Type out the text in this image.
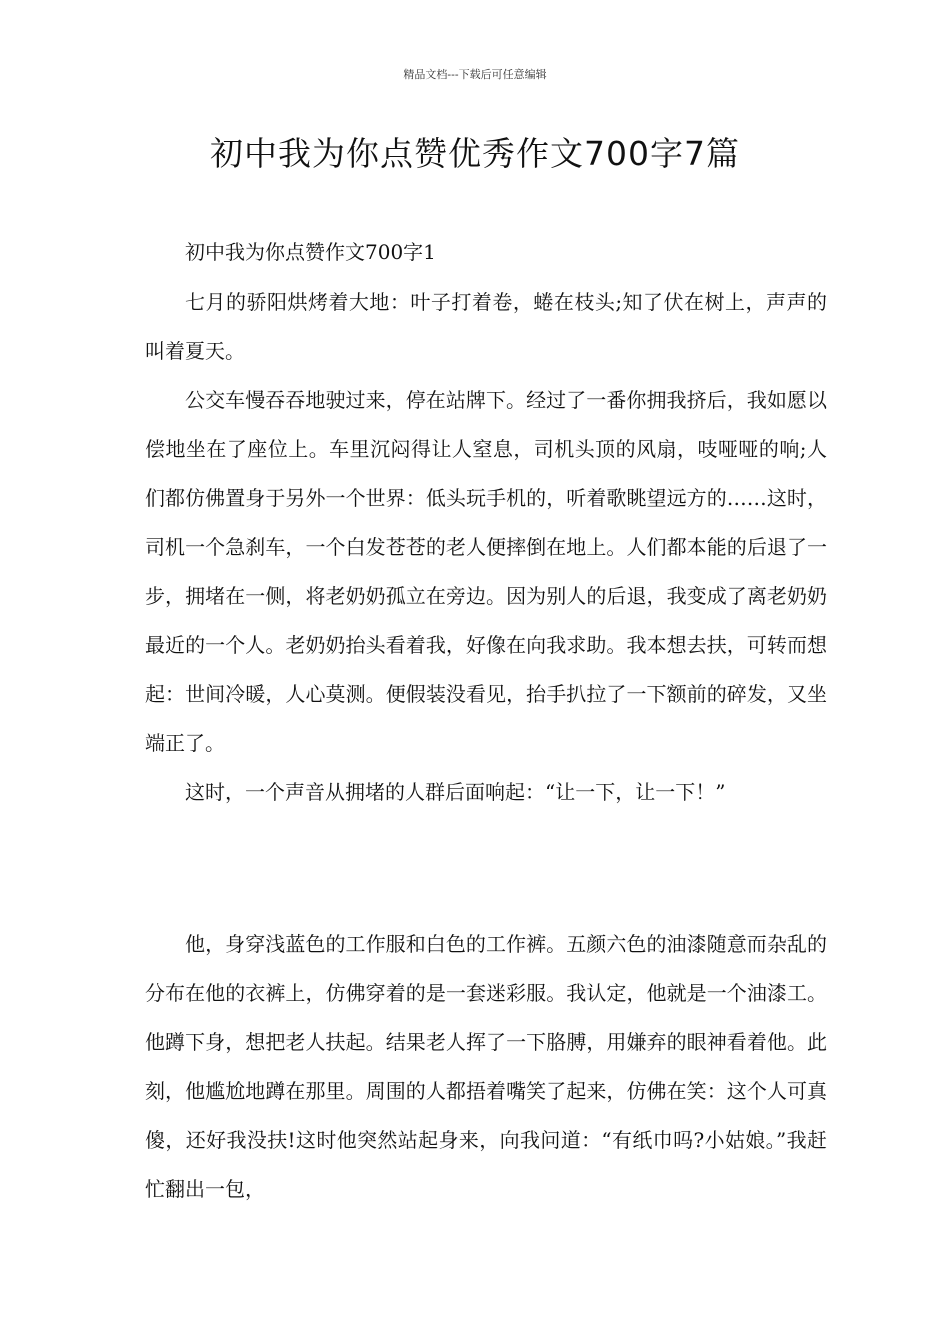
精品文档---下载后可任意编辑
初中我为你点赞优秀作文700字7篇

初中我为你点赞作文700字1

七月的骄阳烘烤着大地：叶子打着卷，蜷在枝头;知了伏在树上，声声的叫着夏天。

公交车慢吞吞地驶过来，停在站牌下。经过了一番你拥我挤后，我如愿以偿地坐在了座位上。车里沉闷得让人窒息，司机头顶的风扇，吱哑哑的响;人们都仿佛置身于另外一个世界：低头玩手机的，听着歌眺望远方的……这时，司机一个急刹车，一个白发苍苍的老人便摔倒在地上。人们都本能的后退了一步，拥堵在一侧，将老奶奶孤立在旁边。因为别人的后退，我变成了离老奶奶最近的一个人。老奶奶抬头看着我，好像在向我求助。我本想去扶，可转而想起：世间冷暖，人心莫测。便假装没看见，抬手扒拉了一下额前的碎发，又坐端正了。

这时，一个声音从拥堵的人群后面响起：“让一下，让一下！”

他，身穿浅蓝色的工作服和白色的工作裤。五颜六色的油漆随意而杂乱的分布在他的衣裤上，仿佛穿着的是一套迷彩服。我认定，他就是一个油漆工。他蹲下身，想把老人扶起。结果老人挥了一下胳膊，用嫌弃的眼神看着他。此刻，他尴尬地蹲在那里。周围的人都捂着嘴笑了起来，仿佛在笑：这个人可真傻，还好我没扶!这时他突然站起身来，向我问道：“有纸巾吗?小姑娘。”我赶忙翻出一包，
